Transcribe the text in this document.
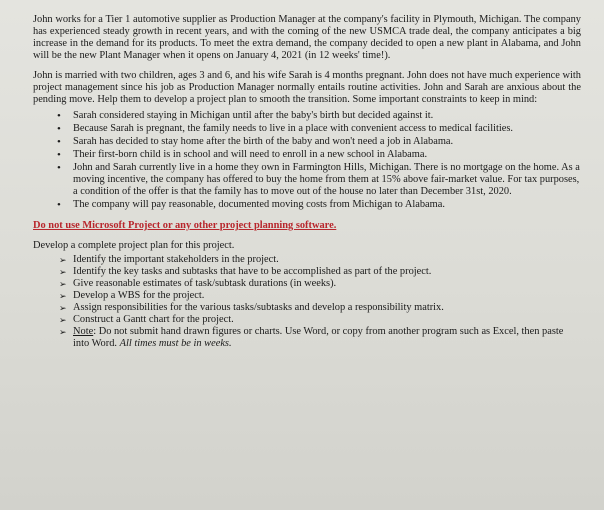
John works for a Tier 1 automotive supplier as Production Manager at the company's facility in Plymouth, Michigan. The company has experienced steady growth in recent years, and with the coming of the new USMCA trade deal, the company anticipates a big increase in the demand for its products. To meet the extra demand, the company decided to open a new plant in Alabama, and John will be the new Plant Manager when it opens on January 4, 2021 (in 12 weeks' time!).

John is married with two children, ages 3 and 6, and his wife Sarah is 4 months pregnant. John does not have much experience with project management since his job as Production Manager normally entails routine activities. John and Sarah are anxious about the pending move. Help them to develop a project plan to smooth the transition. Some important constraints to keep in mind:

• Sarah considered staying in Michigan until after the baby's birth but decided against it.
• Because Sarah is pregnant, the family needs to live in a place with convenient access to medical facilities.
• Sarah has decided to stay home after the birth of the baby and won't need a job in Alabama.
• Their first-born child is in school and will need to enroll in a new school in Alabama.
• John and Sarah currently live in a home they own in Farmington Hills, Michigan. There is no mortgage on the home. As a moving incentive, the company has offered to buy the home from them at 15% above fair-market value. For tax purposes, a condition of the offer is that the family has to move out of the house no later than December 31st, 2020.
• The company will pay reasonable, documented moving costs from Michigan to Alabama.

Do not use Microsoft Project or any other project planning software.

Develop a complete project plan for this project.

➢ Identify the important stakeholders in the project.
➢ Identify the key tasks and subtasks that have to be accomplished as part of the project.
➢ Give reasonable estimates of task/subtask durations (in weeks).
➢ Develop a WBS for the project.
➢ Assign responsibilities for the various tasks/subtasks and develop a responsibility matrix.
➢ Construct a Gantt chart for the project.
➢ Note: Do not submit hand drawn figures or charts. Use Word, or copy from another program such as Excel, then paste into Word. All times must be in weeks.
